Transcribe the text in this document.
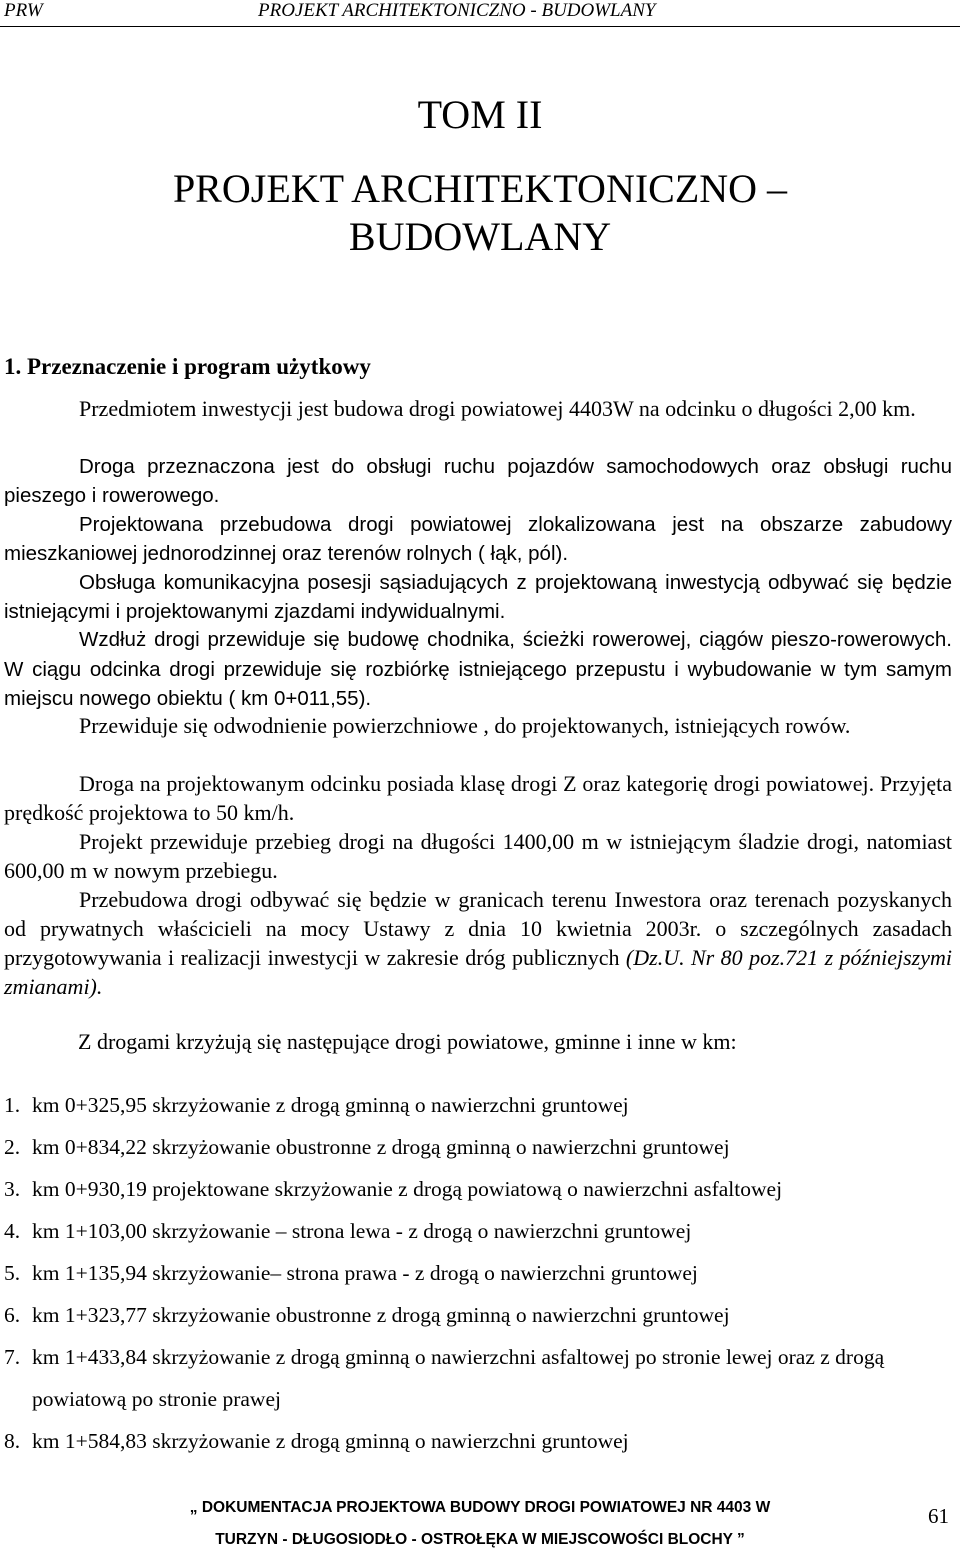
PRW	PROJEKT ARCHITEKTONICZNO - BUDOWLANY
TOM II
PROJEKT ARCHITEKTONICZNO –
BUDOWLANY
1. Przeznaczenie i program użytkowy

Przedmiotem inwestycji jest budowa drogi powiatowej 4403W na odcinku o długości 2,00 km.

Droga przeznaczona jest do obsługi ruchu pojazdów samochodowych oraz obsługi ruchu pieszego i rowerowego.

Projektowana przebudowa drogi powiatowej zlokalizowana jest na obszarze zabudowy mieszkaniowej jednorodzinnej oraz terenów rolnych ( łąk, pól).

Obsługa komunikacyjna posesji sąsiadujących z projektowaną inwestycją odbywać się będzie istniejącymi i projektowanymi zjazdami indywidualnymi.

Wzdłuż drogi przewiduje się budowę chodnika, ścieżki rowerowej, ciągów pieszo-rowerowych. W ciągu odcinka drogi przewiduje się rozbiórkę istniejącego przepustu i wybudowanie w tym samym miejscu nowego obiektu ( km 0+011,55).

Przewiduje się odwodnienie powierzchniowe , do projektowanych, istniejących rowów.

Droga na projektowanym odcinku posiada klasę drogi Z oraz kategorię drogi powiatowej. Przyjęta prędkość projektowa to 50 km/h.

Projekt przewiduje przebieg drogi na długości 1400,00 m w istniejącym śladzie drogi, natomiast 600,00 m w nowym przebiegu.

Przebudowa drogi odbywać się będzie w granicach terenu Inwestora oraz terenach pozyskanych od prywatnych właścicieli na mocy Ustawy z dnia 10 kwietnia 2003r. o szczególnych zasadach przygotowywania i realizacji inwestycji w zakresie dróg publicznych (Dz.U. Nr 80 poz.721 z późniejszymi zmianami).

Z drogami krzyżują się następujące drogi powiatowe, gminne i inne w km:
1. km 0+325,95 skrzyżowanie z drogą gminną o nawierzchni gruntowej
2. km 0+834,22 skrzyżowanie obustronne z drogą gminną o nawierzchni gruntowej
3. km 0+930,19 projektowane skrzyżowanie z drogą powiatową o nawierzchni asfaltowej
4. km 1+103,00 skrzyżowanie – strona lewa - z drogą o nawierzchni gruntowej
5. km 1+135,94 skrzyżowanie– strona prawa - z drogą o nawierzchni gruntowej
6. km 1+323,77 skrzyżowanie obustronne z drogą gminną o nawierzchni gruntowej
7. km 1+433,84 skrzyżowanie z drogą gminną o nawierzchni asfaltowej po stronie lewej oraz z drogą powiatową po stronie prawej
8. km 1+584,83 skrzyżowanie z drogą gminną o nawierzchni gruntowej
„ DOKUMENTACJA PROJEKTOWA BUDOWY DROGI POWIATOWEJ NR 4403 W
TURZYN - DŁUGOSIODŁO - OSTROŁĘKA W MIEJSCOWOŚCI BLOCHY ”
61
